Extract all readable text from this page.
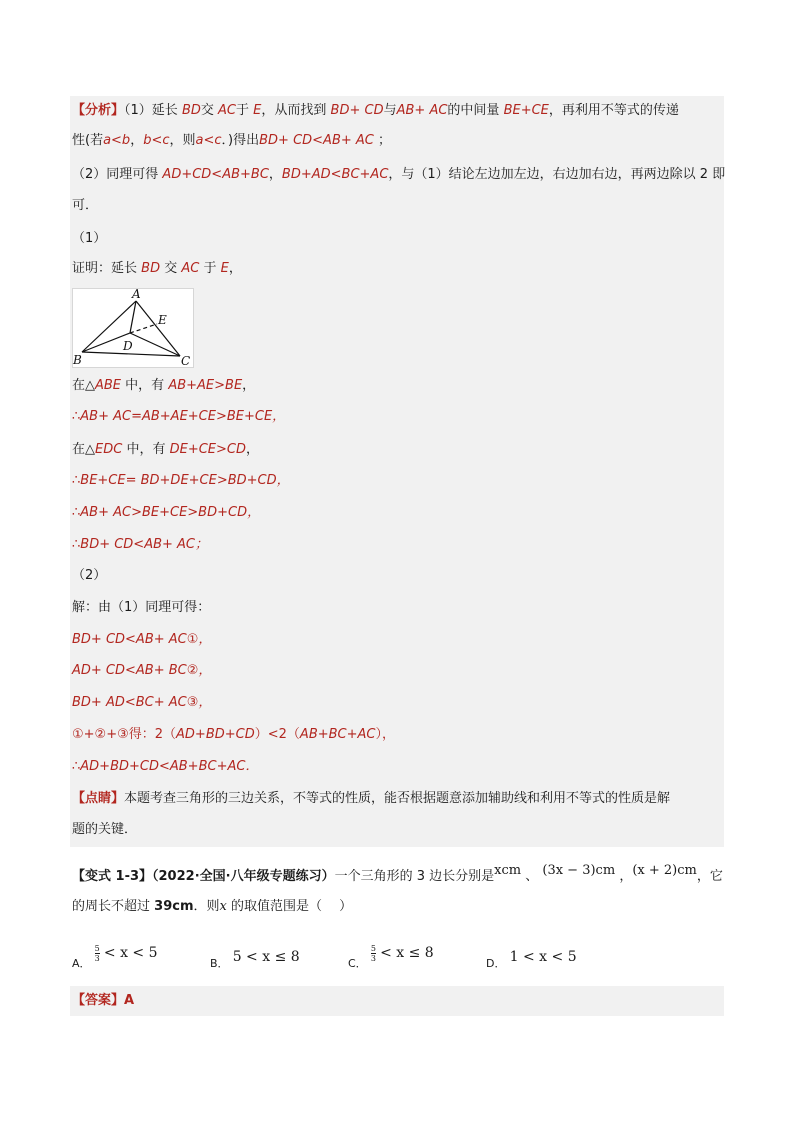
【分析】（1）延长 BD交 AC于 E，从而找到 BD+ CD与AB+ AC的中间量 BE+CE，再利用不等式的传递
性(若a<b，b<c，则a<c．)得出BD+ CD<AB+ AC ；
（2）同理可得 AD+CD<AB+BC，BD+AD<BC+AC，与（1）结论左边加左边，右边加右边，再两边除以 2 即
可．
（1）
证明：延长 BD 交 AC 于 E，
A
B	C
D
E
在△ABE 中，有 AB+AE>BE，
∴AB+ AC=AB+AE+CE>BE+CE，
在△EDC 中，有 DE+CE>CD，
∴BE+CE= BD+DE+CE>BD+CD，
∴AB+ AC>BE+CE>BD+CD，
∴BD+ CD<AB+ AC；
（2）
解：由（1）同理可得：
BD+ CD<AB+ AC①，
AD+ CD<AB+ BC②，
BD+ AD<BC+ AC③，
①+②+③得：2（AD+BD+CD）<2（AB+BC+AC），
∴AD+BD+CD<AB+BC+AC．
【点睛】本题考查三角形的三边关系，不等式的性质，能否根据题意添加辅助线和利用不等式的性质是解
题的关键．
【变式 1-3】（2022·全国·八年级专题练习）一个三角形的 3 边长分别是xcm 、 (3x − 3)cm ，(x + 2)cm，它
的周长不超过 39cm．则x 的取值范围是（　 ）
$_{A.}$
$\frac{5}{3} < x < 5$
$_{B.}$ 5 < x ≤ 8	$_{C.}$
$\frac{5}{3} < x \le 8$
$_{D.}$ 1 < x < 5
【答案】A
